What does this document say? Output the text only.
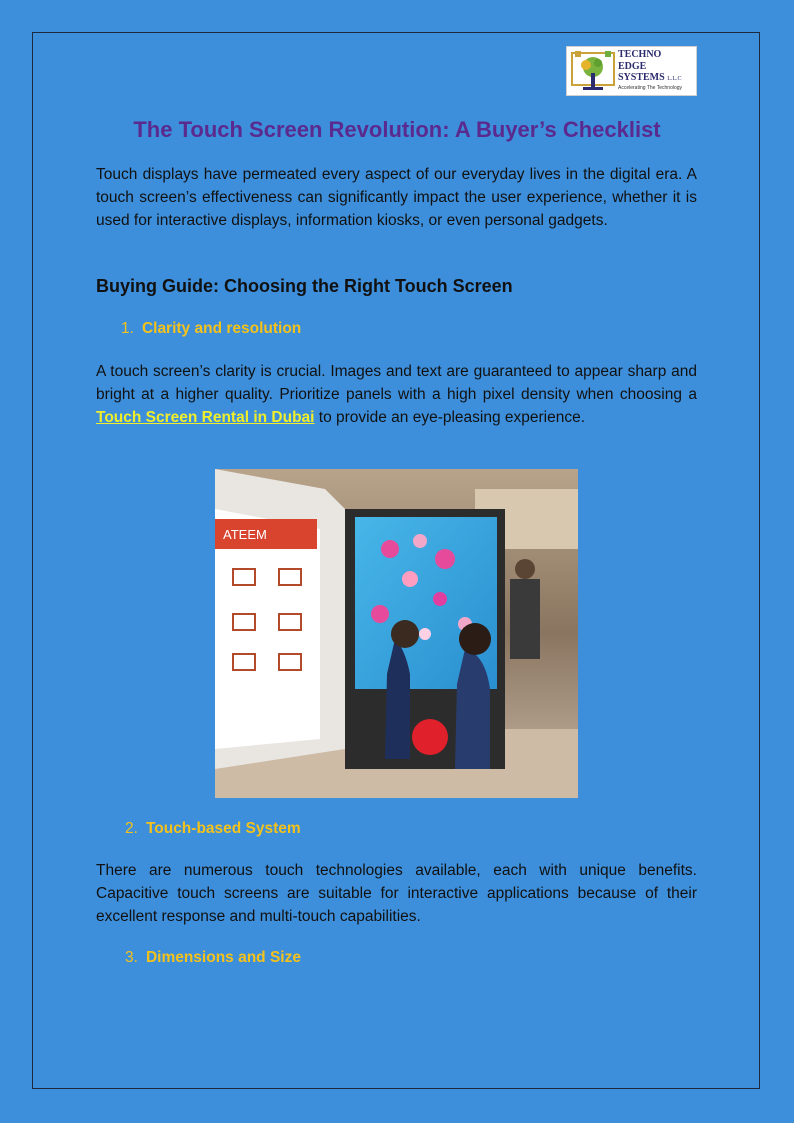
TECHNO
EDGE
SYSTEMS L.L.C
Accelerating The Technology
The Touch Screen Revolution: A Buyer’s Checklist

Touch displays have permeated every aspect of our everyday lives in the digital era. A touch screen’s effectiveness can significantly impact the user experience, whether it is used for interactive displays, information kiosks, or even personal gadgets.

Buying Guide: Choosing the Right Touch Screen

1. Clarity and resolution

A touch screen’s clarity is crucial. Images and text are guaranteed to appear sharp and bright at a higher quality. Prioritize panels with a high pixel density when choosing a Touch Screen Rental in Dubai to provide an eye-pleasing experience.

ATEEM

2. Touch-based System

There are numerous touch technologies available, each with unique benefits. Capacitive touch screens are suitable for interactive applications because of their excellent response and multi-touch capabilities.

3. Dimensions and Size
